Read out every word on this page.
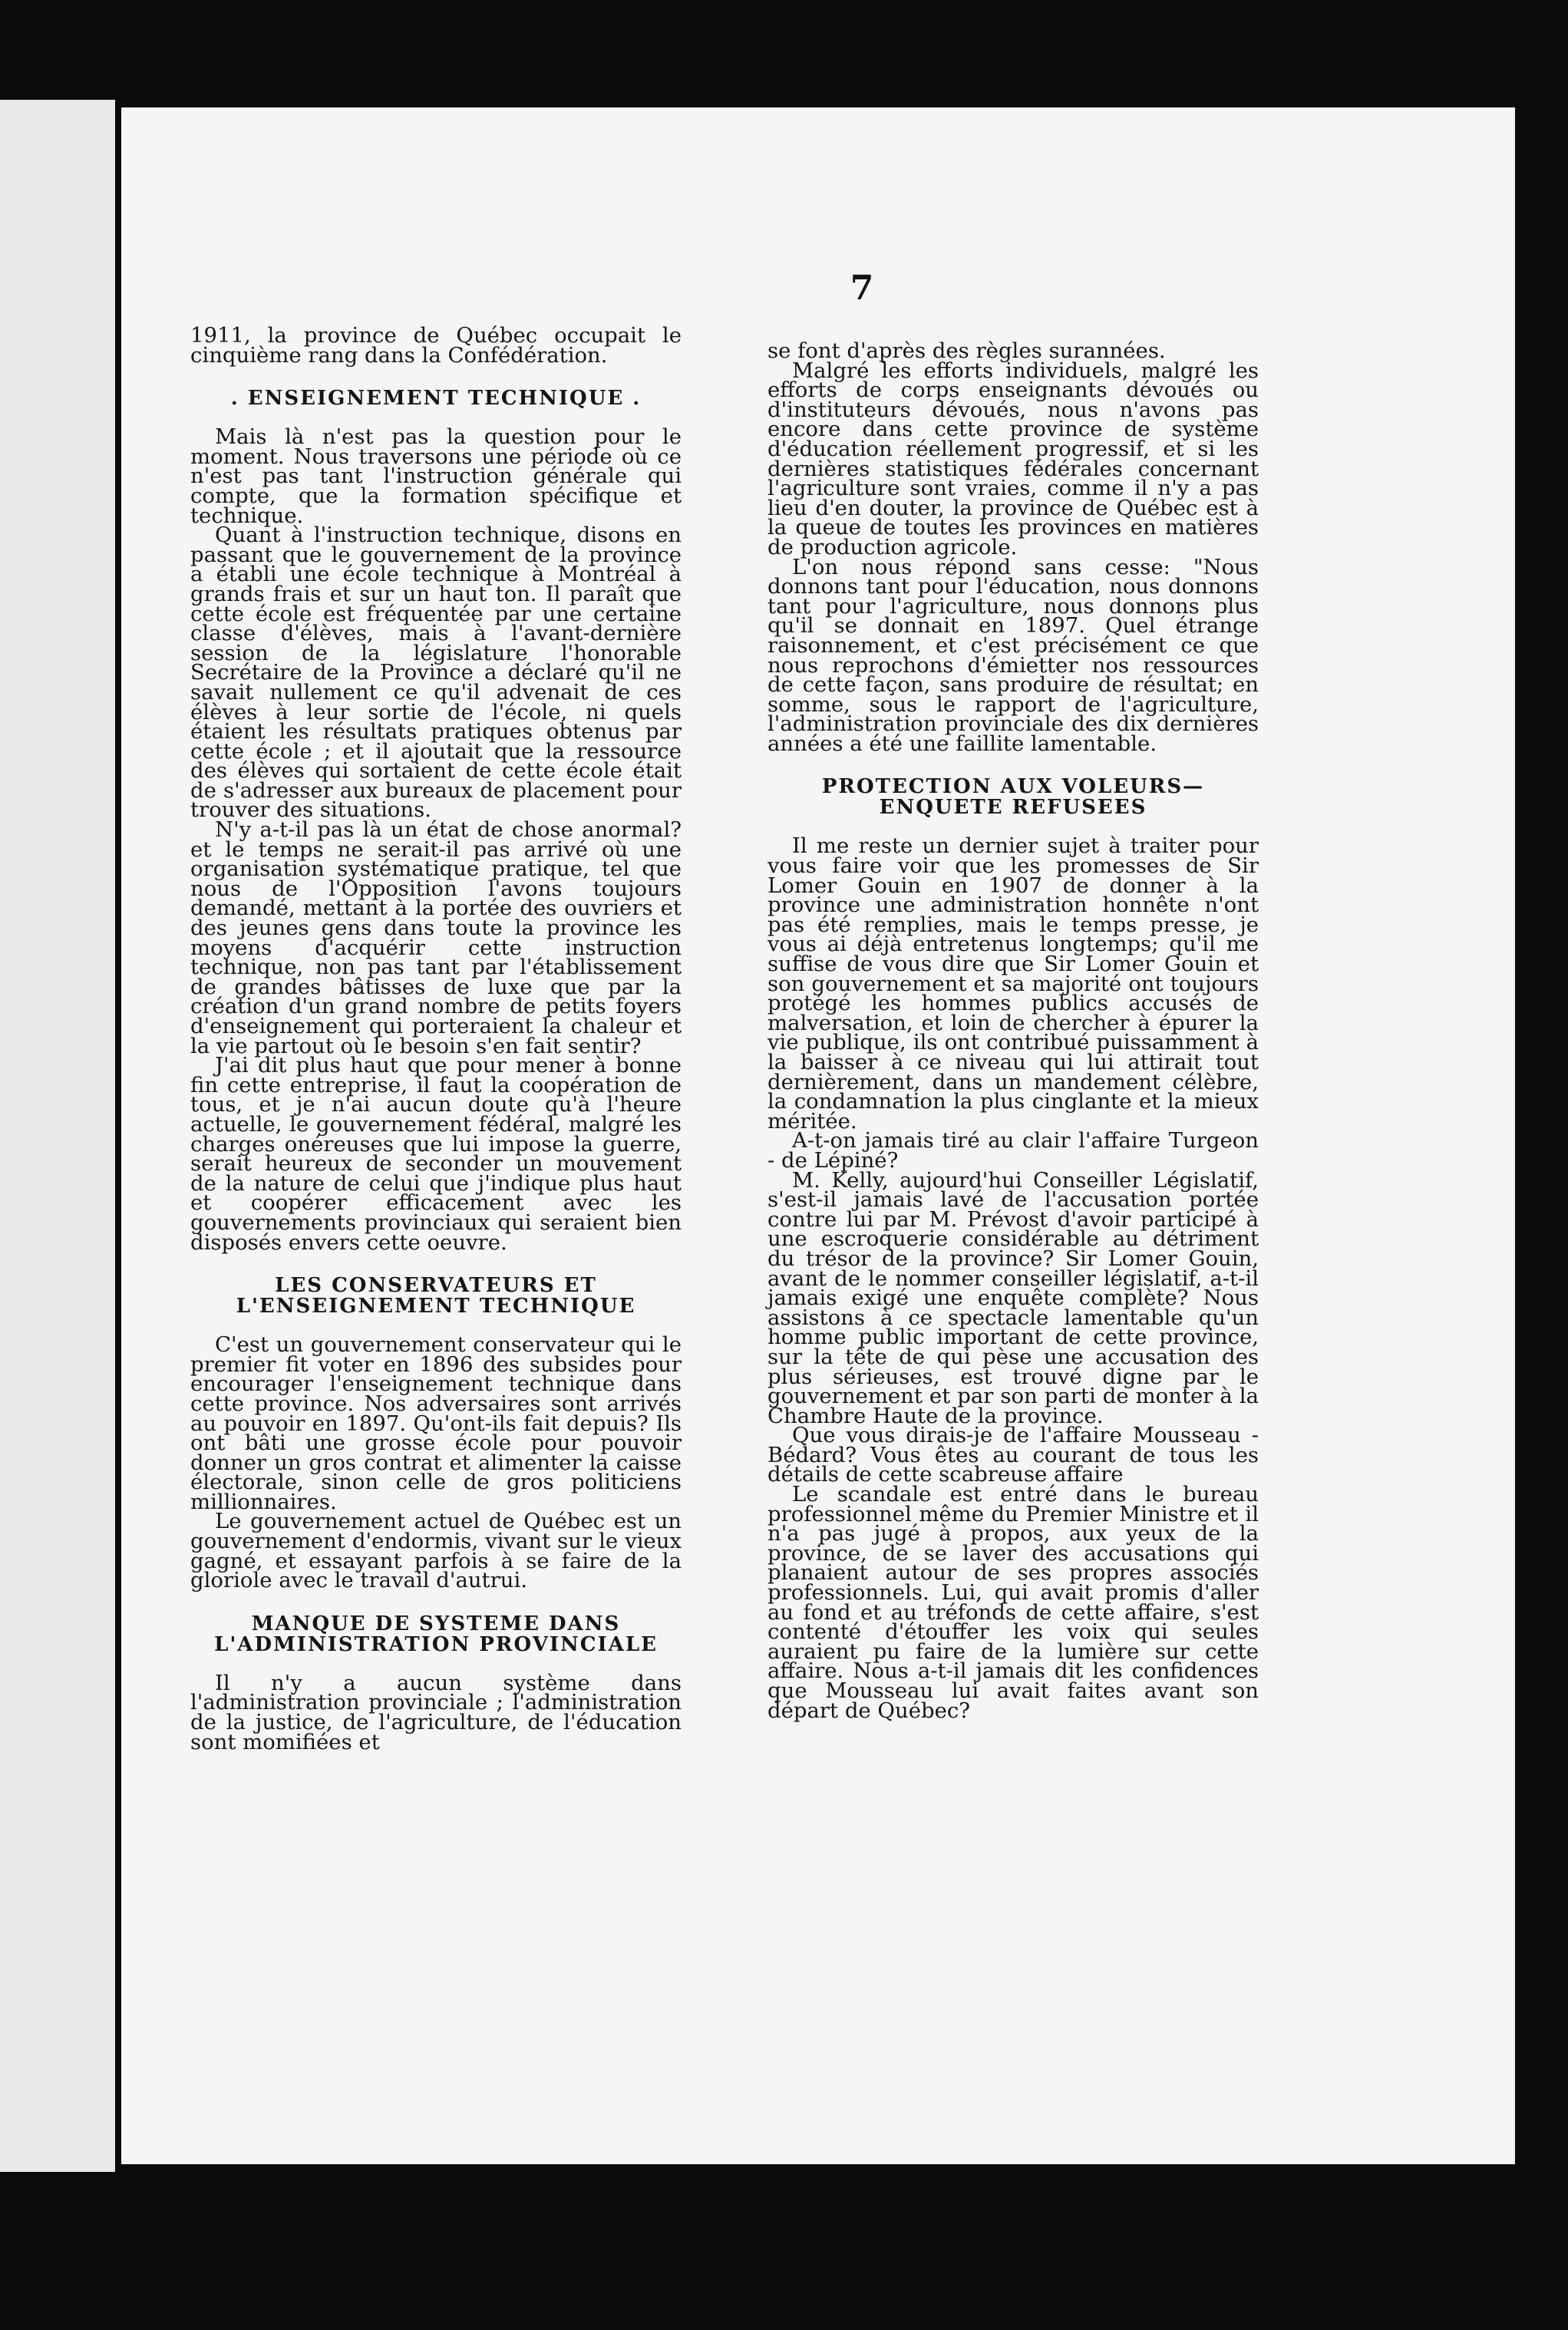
7

1911, la province de Québec occupait le cinquième rang dans la Confédération.

. ENSEIGNEMENT TECHNIQUE .

Mais là n'est pas la question pour le moment. Nous traversons une période où ce n'est pas tant l'instruction générale qui compte, que la formation spécifique et technique.

Quant à l'instruction technique, disons en passant que le gouvernement de la province a établi une école technique à Montréal à grands frais et sur un haut ton. Il paraît que cette école est fréquentée par une certaine classe d'élèves, mais à l'avant-dernière session de la législature l'honorable Secrétaire de la Province a déclaré qu'il ne savait nullement ce qu'il advenait de ces élèves à leur sortie de l'école, ni quels étaient les résultats pratiques obtenus par cette école ; et il ajoutait que la ressource des élèves qui sortaient de cette école était de s'adresser aux bureaux de placement pour trouver des situations.

N'y a-t-il pas là un état de chose anormal? et le temps ne serait-il pas arrivé où une organisation systématique pratique, tel que nous de l'Opposition l'avons toujours demandé, mettant à la portée des ouvriers et des jeunes gens dans toute la province les moyens d'acquérir cette instruction technique, non pas tant par l'établissement de grandes bâtisses de luxe que par la création d'un grand nombre de petits foyers d'enseignement qui porteraient la chaleur et la vie partout où le besoin s'en fait sentir?

J'ai dit plus haut que pour mener à bonne fin cette entreprise, il faut la coopération de tous, et je n'ai aucun doute qu'à l'heure actuelle, le gouvernement fédéral, malgré les charges onéreuses que lui impose la guerre, serait heureux de seconder un mouvement de la nature de celui que j'indique plus haut et coopérer efficacement avec les gouvernements provinciaux qui seraient bien disposés envers cette oeuvre.

LES CONSERVATEURS ET L'ENSEIGNEMENT TECHNIQUE

C'est un gouvernement conservateur qui le premier fit voter en 1896 des subsides pour encourager l'enseignement technique dans cette province. Nos adversaires sont arrivés au pouvoir en 1897. Qu'ont-ils fait depuis? Ils ont bâti une grosse école pour pouvoir donner un gros contrat et alimenter la caisse électorale, sinon celle de gros politiciens millionnaires.

Le gouvernement actuel de Québec est un gouvernement d'endormis, vivant sur le vieux gagné, et essayant parfois à se faire de la gloriole avec le travail d'autrui.

MANQUE DE SYSTEME DANS L'ADMINISTRATION PROVINCIALE

Il n'y a aucun système dans l'administration provinciale ; l'administration de la justice, de l'agriculture, de l'éducation sont momifiées et

se font d'après des règles surannées.

Malgré les efforts individuels, malgré les efforts de corps enseignants dévoués ou d'instituteurs dévoués, nous n'avons pas encore dans cette province de système d'éducation réellement progressif, et si les dernières statistiques fédérales concernant l'agriculture sont vraies, comme il n'y a pas lieu d'en douter, la province de Québec est à la queue de toutes les provinces en matières de production agricole.

L'on nous répond sans cesse: "Nous donnons tant pour l'éducation, nous donnons tant pour l'agriculture, nous donnons plus qu'il se donnait en 1897. Quel étrange raisonnement, et c'est précisément ce que nous reprochons d'émietter nos ressources de cette façon, sans produire de résultat; en somme, sous le rapport de l'agriculture, l'administration provinciale des dix dernières années a été une faillite lamentable.

PROTECTION AUX VOLEURS—ENQUETE REFUSEES

Il me reste un dernier sujet à traiter pour vous faire voir que les promesses de Sir Lomer Gouin en 1907 de donner à la province une administration honnête n'ont pas été remplies, mais le temps presse, je vous ai déjà entretenus longtemps; qu'il me suffise de vous dire que Sir Lomer Gouin et son gouvernement et sa majorité ont toujours protégé les hommes publics accusés de malversation, et loin de chercher à épurer la vie publique, ils ont contribué puissamment à la baisser à ce niveau qui lui attirait tout dernièrement, dans un mandement célèbre, la condamnation la plus cinglante et la mieux méritée.

A-t-on jamais tiré au clair l'affaire Turgeon - de Lépiné?

M. Kelly, aujourd'hui Conseiller Législatif, s'est-il jamais lavé de l'accusation portée contre lui par M. Prévost d'avoir participé à une escroquerie considérable au détriment du trésor de la province? Sir Lomer Gouin, avant de le nommer conseiller législatif, a-t-il jamais exigé une enquête complète? Nous assistons à ce spectacle lamentable qu'un homme public important de cette province, sur la tête de qui pèse une accusation des plus sérieuses, est trouvé digne par le gouvernement et par son parti de monter à la Chambre Haute de la province.

Que vous dirais-je de l'affaire Mousseau - Bédard? Vous êtes au courant de tous les détails de cette scabreuse affaire

Le scandale est entré dans le bureau professionnel même du Premier Ministre et il n'a pas jugé à propos, aux yeux de la province, de se laver des accusations qui planaient autour de ses propres associés professionnels. Lui, qui avait promis d'aller au fond et au tréfonds de cette affaire, s'est contenté d'étouffer les voix qui seules auraient pu faire de la lumière sur cette affaire. Nous a-t-il jamais dit les confidences que Mousseau lui avait faites avant son départ de Québec?
